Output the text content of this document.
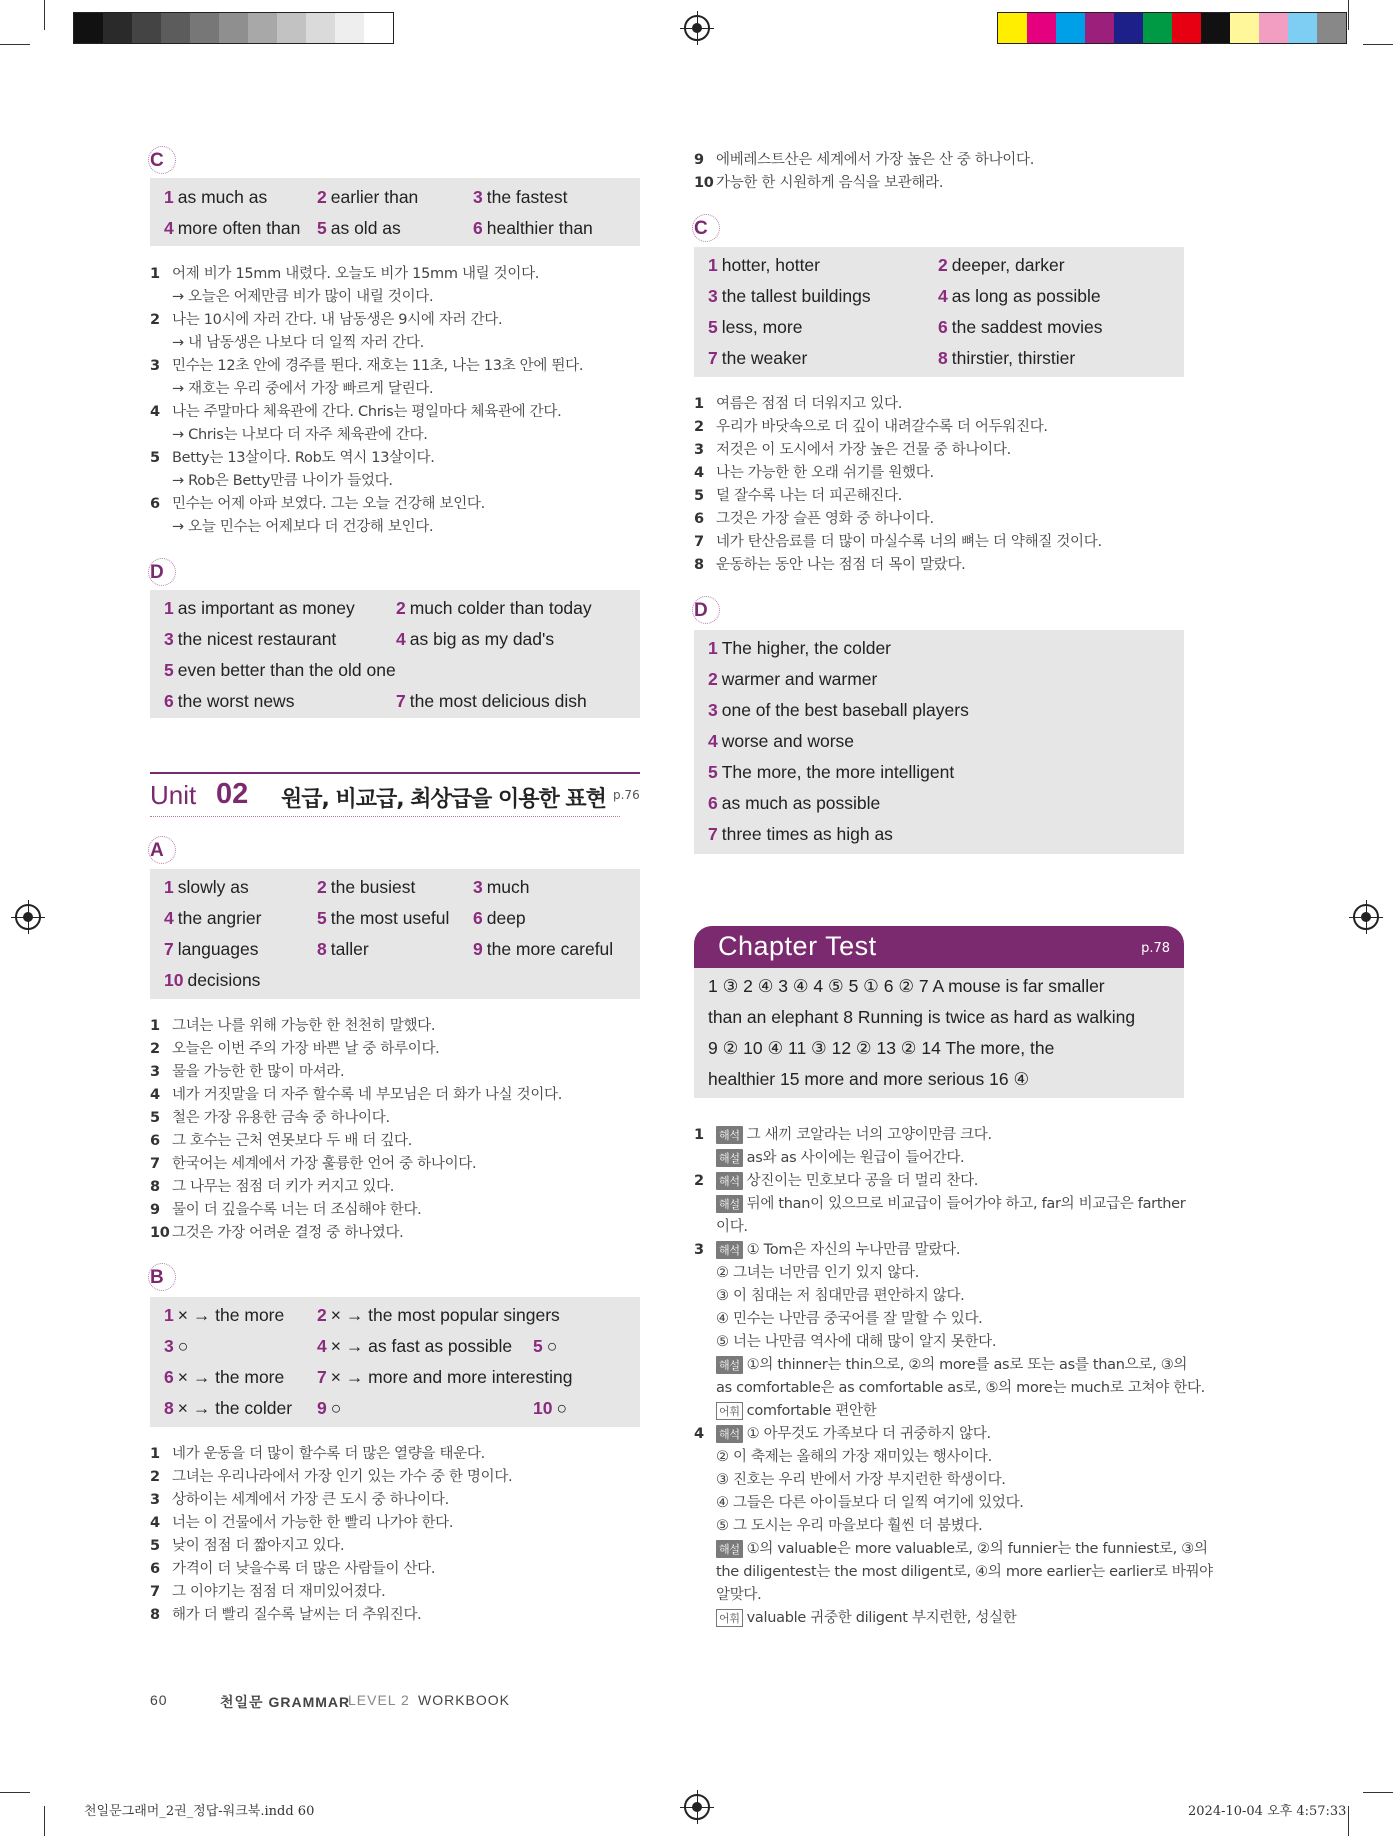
C
1 as much as	2 earlier than	3 the fastest
4 more often than 5 as old as	6 healthier than
1 어제 비가 15mm 내렸다. 오늘도 비가 15mm 내릴 것이다.
→ 오늘은 어제만큼 비가 많이 내릴 것이다.
2 나는 10시에 자러 간다. 내 남동생은 9시에 자러 간다.
→ 내 남동생은 나보다 더 일찍 자러 간다.
3 민수는 12초 안에 경주를 뛴다. 재호는 11초, 나는 13초 안에 뛴다.
→ 재호는 우리 중에서 가장 빠르게 달린다.
4 나는 주말마다 체육관에 간다. Chris는 평일마다 체육관에 간다.
→ Chris는 나보다 더 자주 체육관에 간다.
5 Betty는 13살이다. Rob도 역시 13살이다.
→ Rob은 Betty만큼 나이가 들었다.
6 민수는 어제 아파 보였다. 그는 오늘 건강해 보인다.
→ 오늘 민수는 어제보다 더 건강해 보인다.
D
1 as important as money 2 much colder than today
3 the nicest restaurant	4 as big as my dad's
5 even better than the old one
6 the worst news	7 the most delicious dish
Unit 02 원급, 비교급, 최상급을 이용한 표현 p.76
A
1 slowly as	2 the busiest	3 much
4 the angrier	5 the most useful 6 deep
7 languages	8 taller	9 the more careful
10 decisions
1 그녀는 나를 위해 가능한 한 천천히 말했다.
2 오늘은 이번 주의 가장 바쁜 날 중 하루이다.
3 물을 가능한 한 많이 마셔라.
4 네가 거짓말을 더 자주 할수록 네 부모님은 더 화가 나실 것이다.
5 철은 가장 유용한 금속 중 하나이다.
6 그 호수는 근처 연못보다 두 배 더 깊다.
7 한국어는 세계에서 가장 훌륭한 언어 중 하나이다.
8 그 나무는 점점 더 키가 커지고 있다.
9 물이 더 깊을수록 너는 더 조심해야 한다.
10 그것은 가장 어려운 결정 중 하나였다.
B
1 × → the more 2 × → the most popular singers
3 ○	4 × → as fast as possible 5 ○
6 × → the more 7 × → more and more interesting
8 × → the colder 9 ○	10 ○
1 네가 운동을 더 많이 할수록 더 많은 열량을 태운다.
2 그녀는 우리나라에서 가장 인기 있는 가수 중 한 명이다.
3 상하이는 세계에서 가장 큰 도시 중 하나이다.
4 너는 이 건물에서 가능한 한 빨리 나가야 한다.
5 낮이 점점 더 짧아지고 있다.
6 가격이 더 낮을수록 더 많은 사람들이 산다.
7 그 이야기는 점점 더 재미있어졌다.
8 해가 더 빨리 질수록 날씨는 더 추워진다.
9 에베레스트산은 세계에서 가장 높은 산 중 하나이다.
10 가능한 한 시원하게 음식을 보관해라.
C
1 hotter, hotter	2 deeper, darker
3 the tallest buildings	4 as long as possible
5 less, more	6 the saddest movies
7 the weaker	8 thirstier, thirstier
1 여름은 점점 더 더워지고 있다.
2 우리가 바닷속으로 더 깊이 내려갈수록 더 어두워진다.
3 저것은 이 도시에서 가장 높은 건물 중 하나이다.
4 나는 가능한 한 오래 쉬기를 원했다.
5 덜 잘수록 나는 더 피곤해진다.
6 그것은 가장 슬픈 영화 중 하나이다.
7 네가 탄산음료를 더 많이 마실수록 너의 뼈는 더 약해질 것이다.
8 운동하는 동안 나는 점점 더 목이 말랐다.
D
1 The higher, the colder
2 warmer and warmer
3 one of the best baseball players
4 worse and worse
5 The more, the more intelligent
6 as much as possible
7 three times as high as
Chapter Test	p.78
1 ③ 2 ④ 3 ④ 4 ⑤ 5 ① 6 ② 7 A mouse is far smaller
than an elephant 8 Running is twice as hard as walking
9 ② 10 ④ 11 ③ 12 ② 13 ② 14 The more, the
healthier 15 more and more serious 16 ④
1 해석 그 새끼 코알라는 너의 고양이만큼 크다.
해설 as와 as 사이에는 원급이 들어간다.
2 해석 상진이는 민호보다 공을 더 멀리 찬다.
해설 뒤에 than이 있으므로 비교급이 들어가야 하고, far의 비교급은 farther
이다.
3 해석 ① Tom은 자신의 누나만큼 말랐다.
② 그녀는 너만큼 인기 있지 않다.
③ 이 침대는 저 침대만큼 편안하지 않다.
④ 민수는 나만큼 중국어를 잘 말할 수 있다.
⑤ 너는 나만큼 역사에 대해 많이 알지 못한다.
해설 ①의 thinner는 thin으로, ②의 more를 as로 또는 as를 than으로, ③의
as comfortable은 as comfortable as로, ⑤의 more는 much로 고쳐야 한다.
어휘 comfortable 편안한
4 해석 ① 아무것도 가족보다 더 귀중하지 않다.
② 이 축제는 올해의 가장 재미있는 행사이다.
③ 진호는 우리 반에서 가장 부지런한 학생이다.
④ 그들은 다른 아이들보다 더 일찍 여기에 있었다.
⑤ 그 도시는 우리 마을보다 훨씬 더 붐볐다.
해설 ①의 valuable은 more valuable로, ②의 funnier는 the funniest로, ③의
the diligentest는 the most diligent로, ④의 more earlier는 earlier로 바꿔야
알맞다.
어휘 valuable 귀중한 diligent 부지런한, 성실한
60	천일문 GRAMMAR
LEVEL 2 WORKBOOK
천일문그래머_2권_정답-워크북.indd 60	2024-10-04 오후 4:57:33
